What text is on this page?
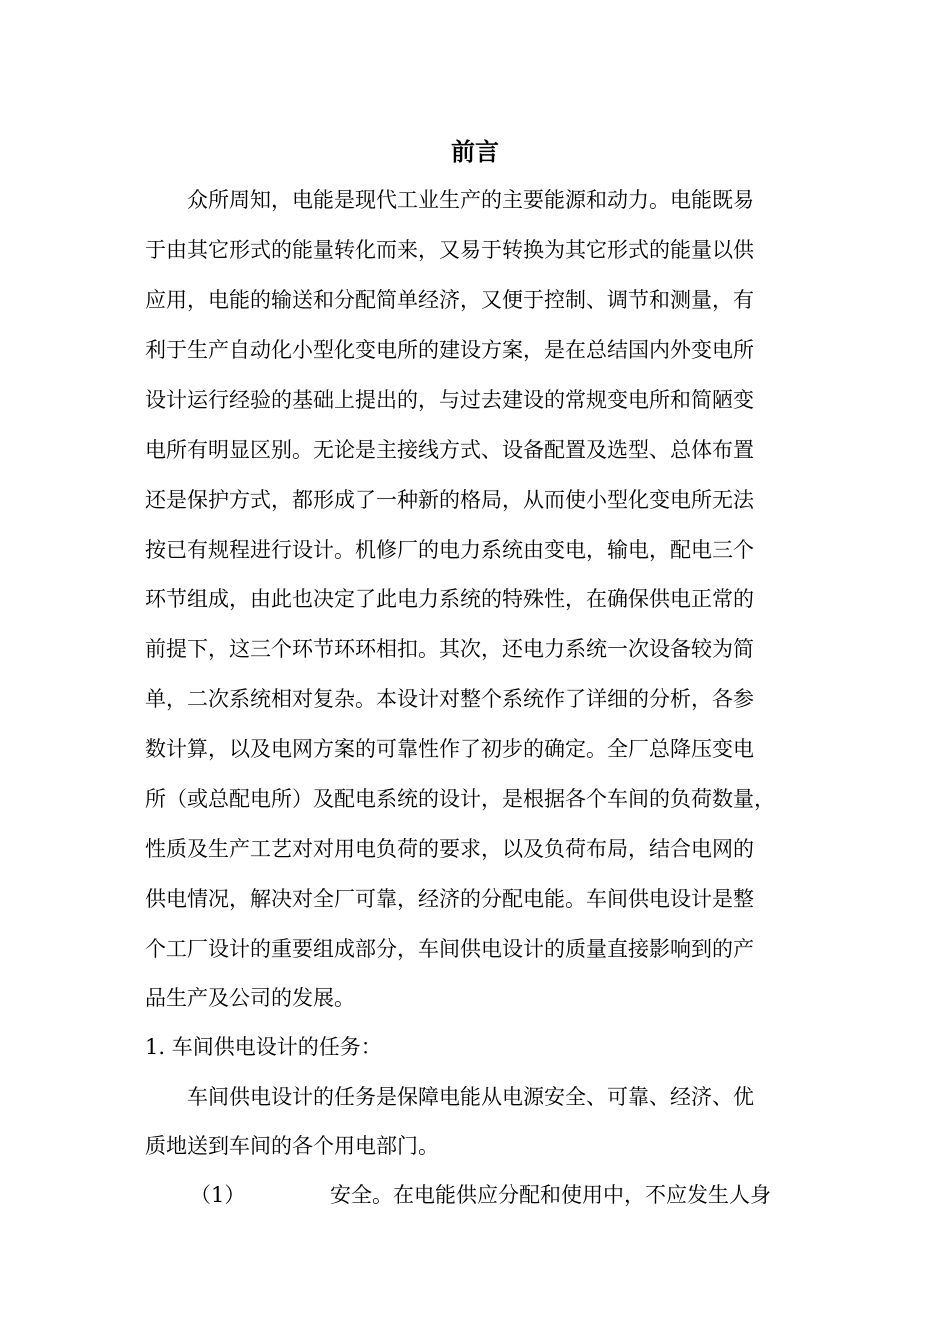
前言

　　众所周知，电能是现代工业生产的主要能源和动力。电能既易

于由其它形式的能量转化而来，又易于转换为其它形式的能量以供

应用，电能的输送和分配简单经济，又便于控制、调节和测量，有

利于生产自动化小型化变电所的建设方案，是在总结国内外变电所

设计运行经验的基础上提出的，与过去建设的常规变电所和简陋变

电所有明显区别。无论是主接线方式、设备配置及选型、总体布置

还是保护方式，都形成了一种新的格局，从而使小型化变电所无法

按已有规程进行设计。机修厂的电力系统由变电，输电，配电三个

环节组成，由此也决定了此电力系统的特殊性，在确保供电正常的

前提下，这三个环节环环相扣。其次，还电力系统一次设备较为简

单，二次系统相对复杂。本设计对整个系统作了详细的分析，各参

数计算，以及电网方案的可靠性作了初步的确定。全厂总降压变电

所（或总配电所）及配电系统的设计，是根据各个车间的负荷数量，

性质及生产工艺对对用电负荷的要求，以及负荷布局，结合电网的

供电情况，解决对全厂可靠，经济的分配电能。车间供电设计是整

个工厂设计的重要组成部分，车间供电设计的质量直接影响到的产

品生产及公司的发展。

1. 车间供电设计的任务：

　　车间供电设计的任务是保障电能从电源安全、可靠、经济、优

质地送到车间的各个用电部门。

（1）	安全。在电能供应分配和使用中，不应发生人身
